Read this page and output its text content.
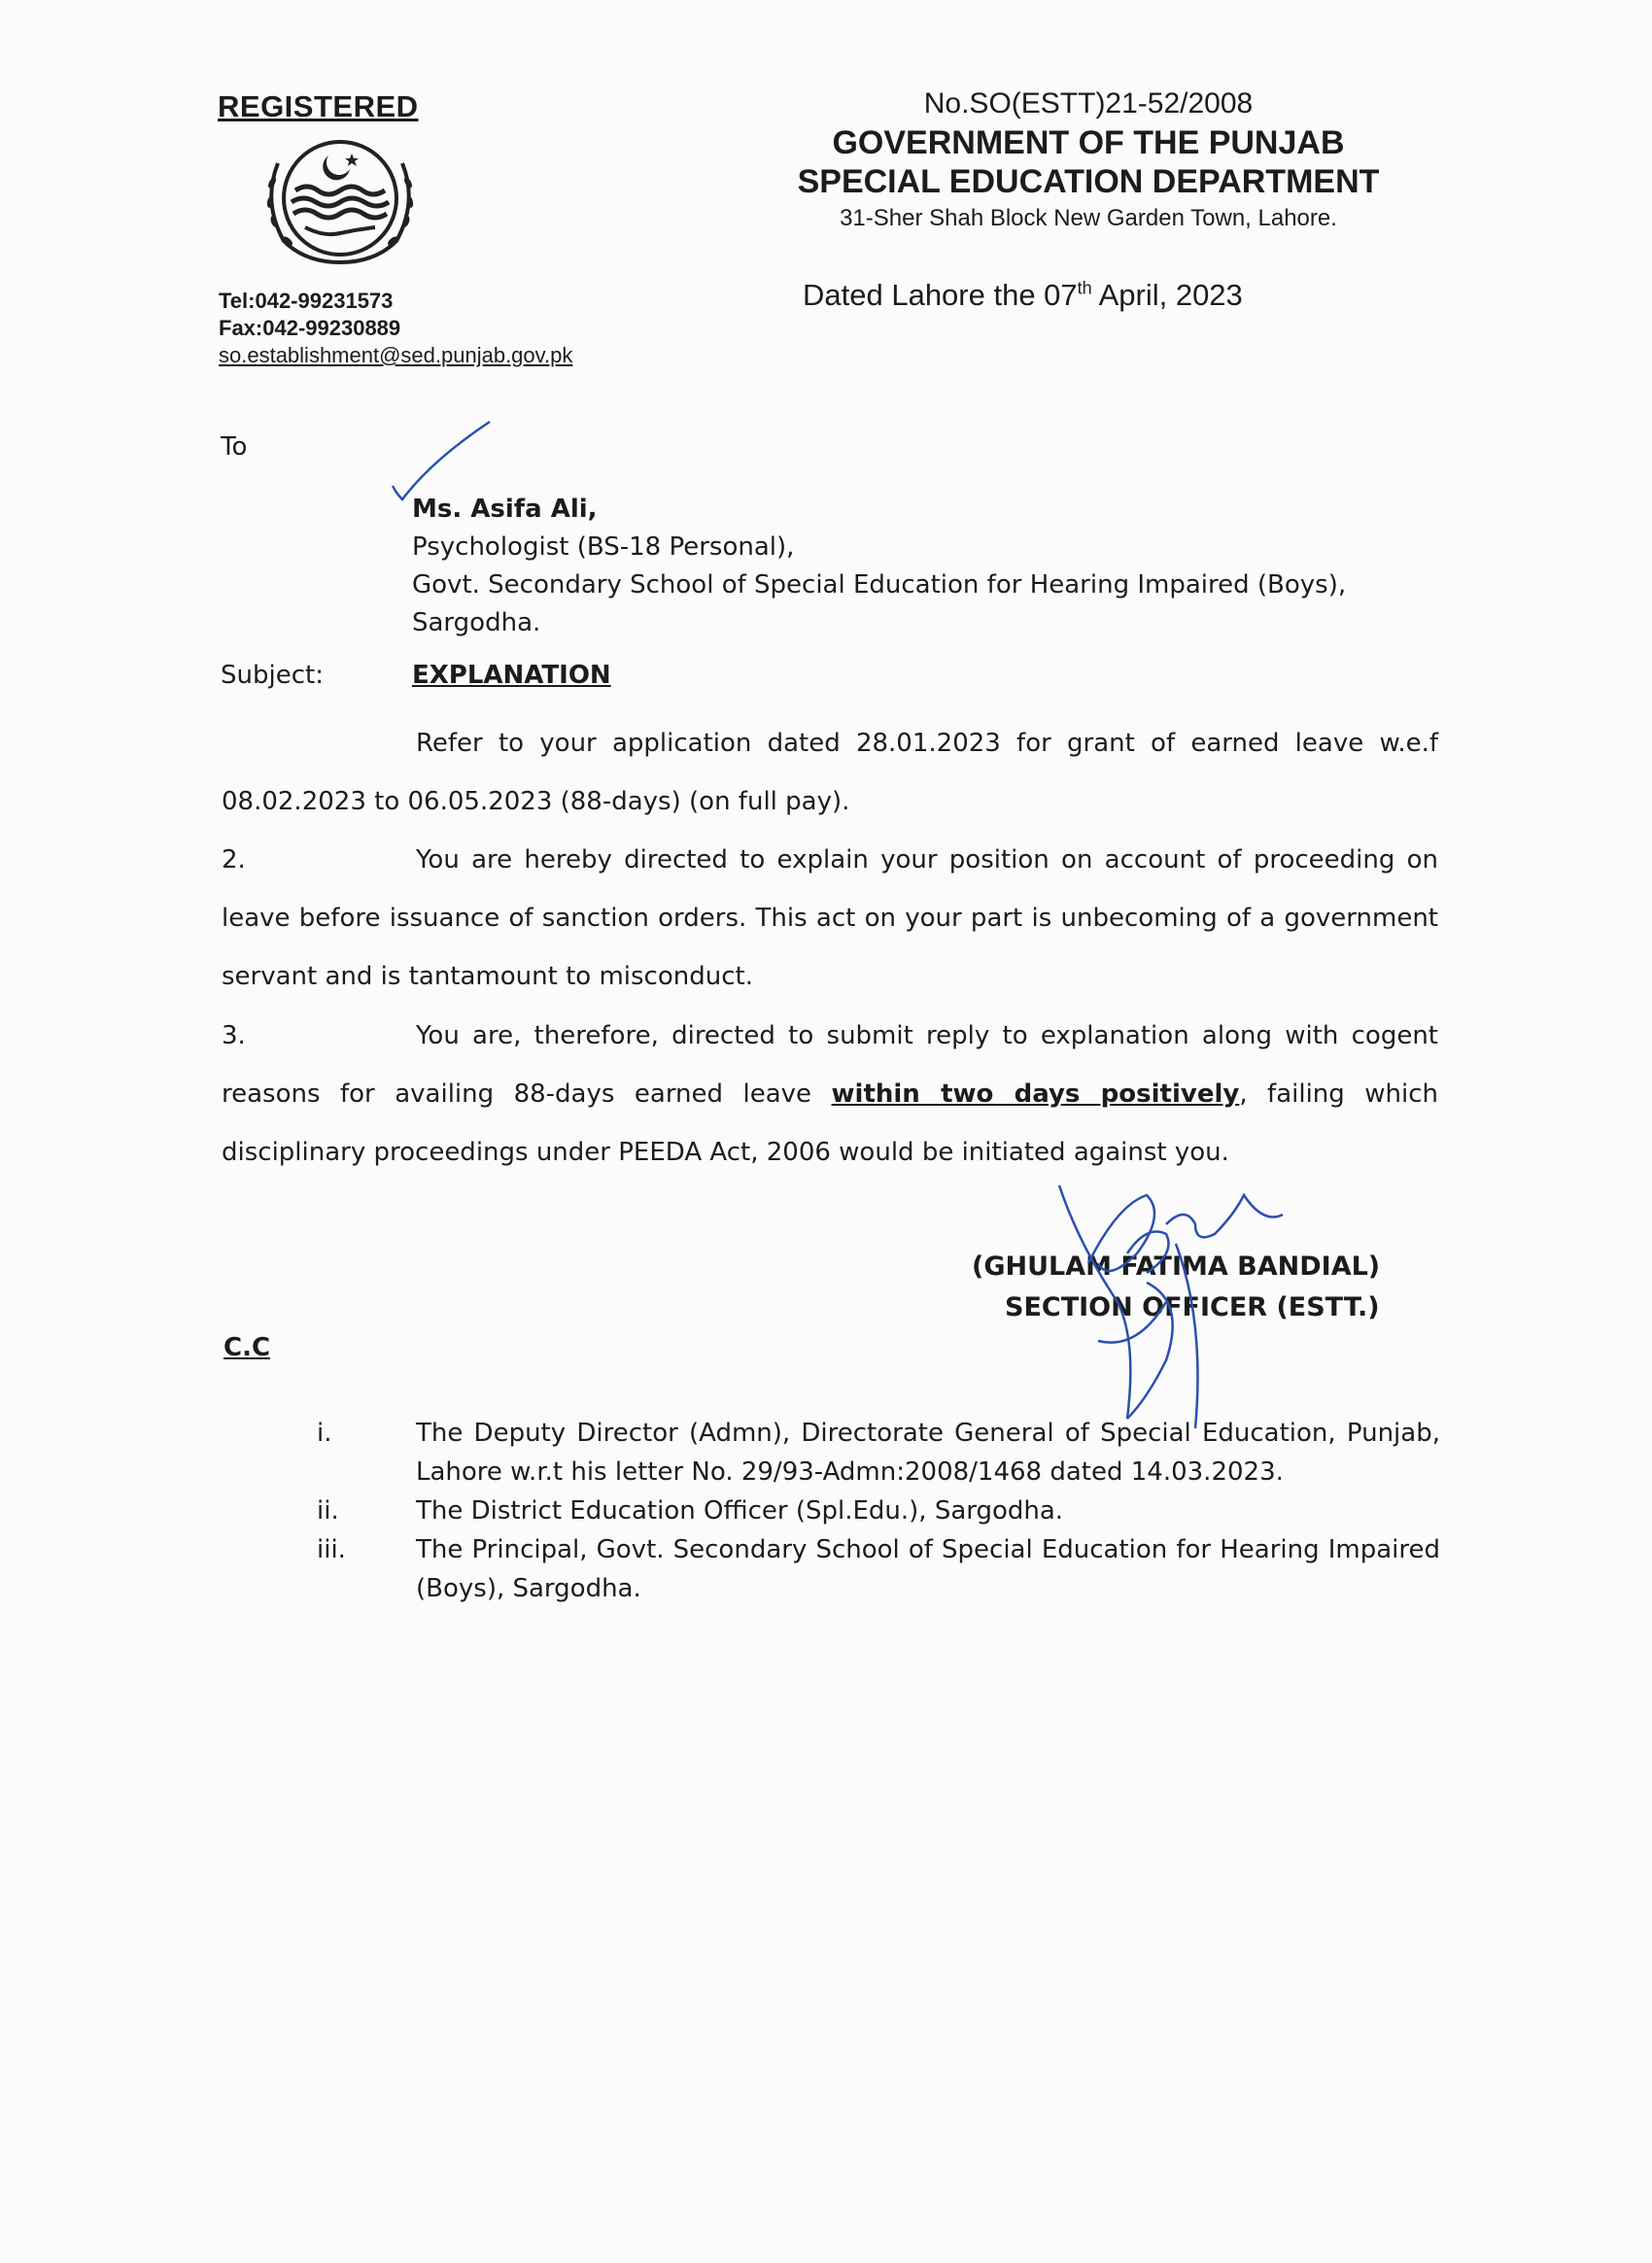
REGISTERED
Tel:042-99231573
Fax:042-99230889
so.establishment@sed.punjab.gov.pk
No.SO(ESTT)21-52/2008
GOVERNMENT OF THE PUNJAB
SPECIAL EDUCATION DEPARTMENT
31-Sher Shah Block New Garden Town, Lahore.
Dated Lahore the 07th April, 2023
To
Ms. Asifa Ali,
Psychologist (BS-18 Personal),
Govt. Secondary School of Special Education for Hearing Impaired (Boys),
Sargodha.
Subject:	EXPLANATION
Refer to your application dated 28.01.2023 for grant of earned leave w.e.f 08.02.2023 to 06.05.2023 (88-days) (on full pay).
2.	You are hereby directed to explain your position on account of proceeding on leave before issuance of sanction orders. This act on your part is unbecoming of a government servant and is tantamount to misconduct.
3.	You are, therefore, directed to submit reply to explanation along with cogent reasons for availing 88-days earned leave within two days positively, failing which disciplinary proceedings under PEEDA Act, 2006 would be initiated against you.
(GHULAM FATIMA BANDIAL)
SECTION OFFICER (ESTT.)
C.C
i.	The Deputy Director (Admn), Directorate General of Special Education, Punjab, Lahore w.r.t his letter No. 29/93-Admn:2008/1468 dated 14.03.2023.
ii.	The District Education Officer (Spl.Edu.), Sargodha.
iii.	The Principal, Govt. Secondary School of Special Education for Hearing Impaired (Boys), Sargodha.
